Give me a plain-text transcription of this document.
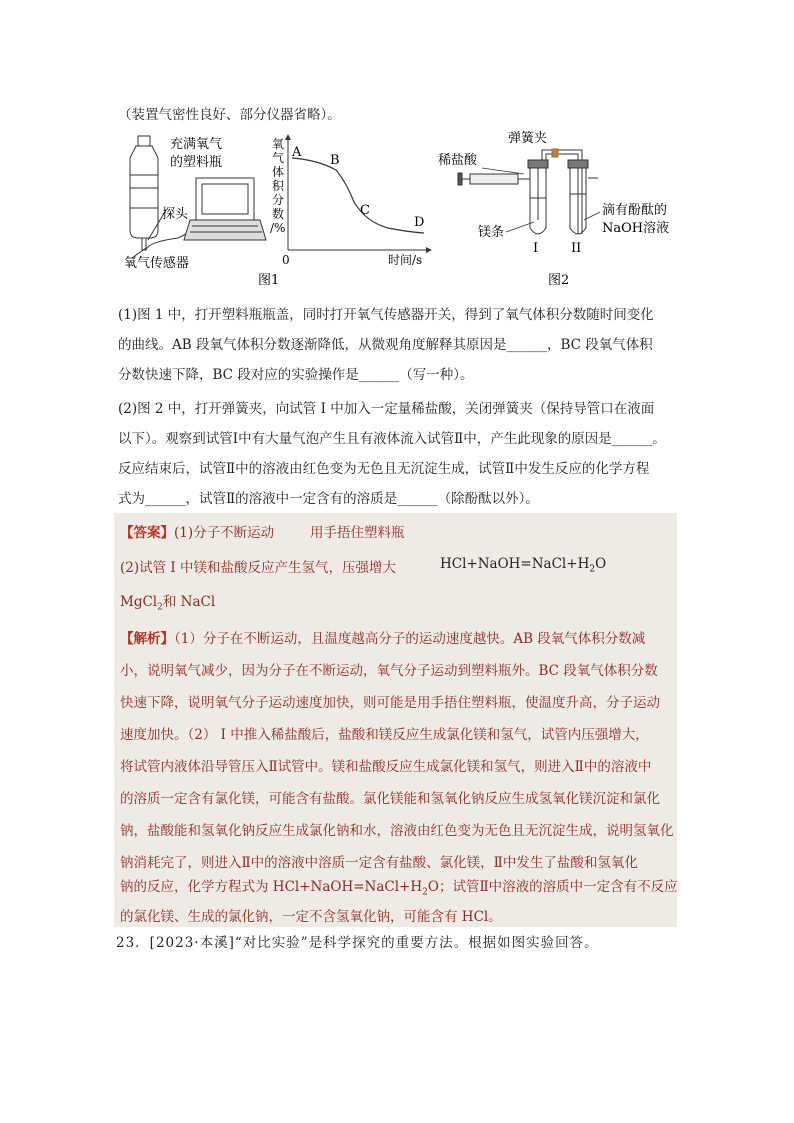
（装置气密性良好、部分仪器省略）。
充满氧气
的塑料瓶
探头
氧气传感器
氧
气
体
积
分
数
/%
A
B
C
D
0	时间/s
图1
弹簧夹
稀盐酸
镁条
滴有酚酞的
NaOH溶液
I	II
图2
(1)图 1 中，打开塑料瓶瓶盖，同时打开氧气传感器开关，得到了氧气体积分数随时间变化
的曲线。AB 段氧气体积分数逐渐降低，从微观角度解释其原因是______，BC 段氧气体积
分数快速下降，BC 段对应的实验操作是______（写一种）。
(2)图 2 中，打开弹簧夹，向试管 I 中加入一定量稀盐酸，关闭弹簧夹（保持导管口在液面
以下）。观察到试管Ⅰ中有大量气泡产生且有液体流入试管Ⅱ中，产生此现象的原因是______。
反应结束后，试管Ⅱ中的溶液由红色变为无色且无沉淀生成，试管Ⅱ中发生反应的化学方程
式为______，试管Ⅱ的溶液中一定含有的溶质是______（除酚酞以外）。
【答案】(1)分子不断运动	用手捂住塑料瓶
(2)试管 I 中镁和盐酸反应产生氢气，压强增大	$HCl+NaOH=NaCl+H_2O$
MgCl$_2$和 NaCl
【解析】（1）分子在不断运动，且温度越高分子的运动速度越快。AB 段氧气体积分数减
小，说明氧气减少，因为分子在不断运动，氧气分子运动到塑料瓶外。BC 段氧气体积分数
快速下降，说明氧气分子运动速度加快，则可能是用手捂住塑料瓶，使温度升高，分子运动
速度加快。（2） I 中推入稀盐酸后，盐酸和镁反应生成氯化镁和氢气，试管内压强增大，
将试管内液体沿导管压入Ⅱ试管中。镁和盐酸反应生成氯化镁和氢气，则进入Ⅱ中的溶液中
的溶质一定含有氯化镁，可能含有盐酸。氯化镁能和氢氧化钠反应生成氢氧化镁沉淀和氯化
钠，盐酸能和氢氧化钠反应生成氯化钠和水，溶液由红色变为无色且无沉淀生成，说明氢氧化
钠消耗完了，则进入Ⅱ中的溶液中溶质一定含有盐酸、氯化镁，Ⅱ中发生了盐酸和氢氧化
钠的反应，化学方程式为 $HCl+NaOH=NaCl+H_2O$；试管Ⅱ中溶液的溶质中一定含有不反应
的氯化镁、生成的氯化钠，一定不含氢氧化钠，可能含有 HCl。
23．[2023·本溪]“对比实验”是科学探究的重要方法。根据如图实验回答。
